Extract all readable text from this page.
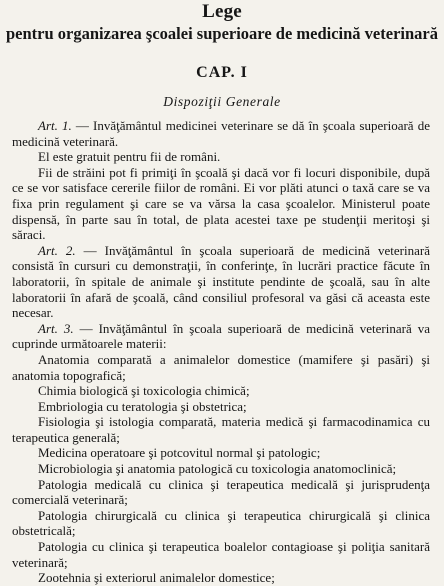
Lege
pentru organizarea şcoalei superioare de medicină veterinară
CAP. I
Dispoziţii Generale

Art. 1. — Invăţământul medicinei veterinare se dă în şcoala superioară de medicină veterinară.

El este gratuit pentru fii de români.

Fii de străini pot fi primiţi în şcoală şi dacă vor fi locuri disponibile, după ce se vor satisface cererile fiilor de români. Ei vor plăti atunci o taxă care se va fixa prin regulament şi care se va vărsa la casa şcoalelor. Ministerul poate dispensă, în parte sau în total, de plata acestei taxe pe studenţii meritoşi şi săraci.

Art. 2. — Invăţământul în şcoala superioară de medicină veterinară consistă în cursuri cu demonstraţii, în conferinţe, în lucrări practice făcute în laboratorii, în spitale de animale şi institute pendinte de şcoală, sau în alte laboratorii în afară de şcoală, când consiliul profesoral va găsi că aceasta este necesar.

Art. 3. — Invăţământul în şcoala superioară de medicină veterinară va cuprinde următoarele materii:

Anatomia comparată a animalelor domestice (mamifere şi pasări) şi anatomia topografică;

Chimia biologică şi toxicologia chimică;

Embriologia cu teratologia şi obstetrica;

Fisiologia şi istologia comparată, materia medică şi farmacodinamica cu terapeutica generală;

Medicina operatoare şi potcovitul normal şi patologic;

Microbiologia şi anatomia patologică cu toxicologia anatomoclinică;

Patologia medicală cu clinica şi terapeutica medicală şi jurisprudenţa comercială veterinară;

Patologia chirurgicală cu clinica şi terapeutica chirurgicală şi clinica obstetricală;

Patologia cu clinica şi terapeutica boalelor contagioase şi poliţia sanitară veterinară;

Zootehnia şi exteriorul animalelor domestice;
